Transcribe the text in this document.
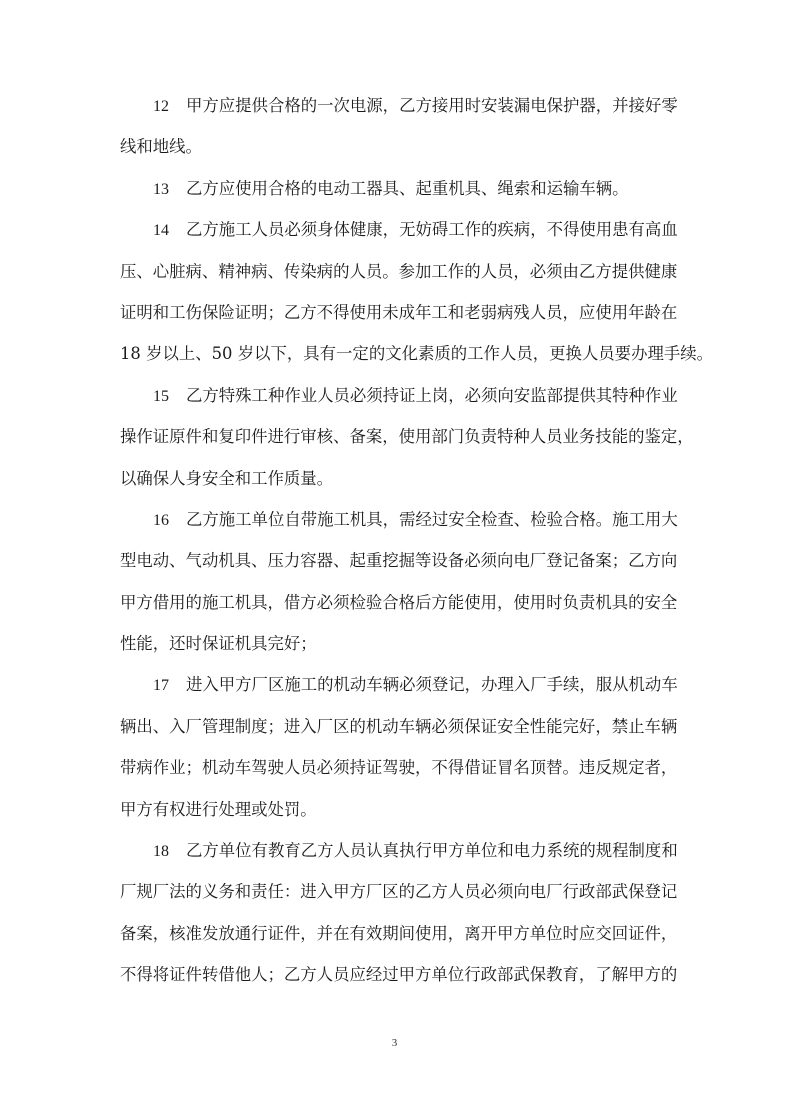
12 甲方应提供合格的一次电源，乙方接用时安装漏电保护器，并接好零
线和地线。
13 乙方应使用合格的电动工器具、起重机具、绳索和运输车辆。
14 乙方施工人员必须身体健康，无妨碍工作的疾病，不得使用患有高血
压、心脏病、精神病、传染病的人员。参加工作的人员，必须由乙方提供健康
证明和工伤保险证明；乙方不得使用未成年工和老弱病残人员，应使用年龄在
18 岁以上、50 岁以下，具有一定的文化素质的工作人员，更换人员要办理手续。
15 乙方特殊工种作业人员必须持证上岗，必须向安监部提供其特种作业
操作证原件和复印件进行审核、备案，使用部门负责特种人员业务技能的鉴定，
以确保人身安全和工作质量。
16 乙方施工单位自带施工机具，需经过安全检查、检验合格。施工用大
型电动、气动机具、压力容器、起重挖掘等设备必须向电厂登记备案；乙方向
甲方借用的施工机具，借方必须检验合格后方能使用，使用时负责机具的安全
性能，还时保证机具完好；
17 进入甲方厂区施工的机动车辆必须登记，办理入厂手续，服从机动车
辆出、入厂管理制度；进入厂区的机动车辆必须保证安全性能完好，禁止车辆
带病作业；机动车驾驶人员必须持证驾驶，不得借证冒名顶替。违反规定者，
甲方有权进行处理或处罚。
18 乙方单位有教育乙方人员认真执行甲方单位和电力系统的规程制度和
厂规厂法的义务和责任：进入甲方厂区的乙方人员必须向电厂行政部武保登记
备案，核准发放通行证件，并在有效期间使用，离开甲方单位时应交回证件，
不得将证件转借他人；乙方人员应经过甲方单位行政部武保教育，了解甲方的
3
